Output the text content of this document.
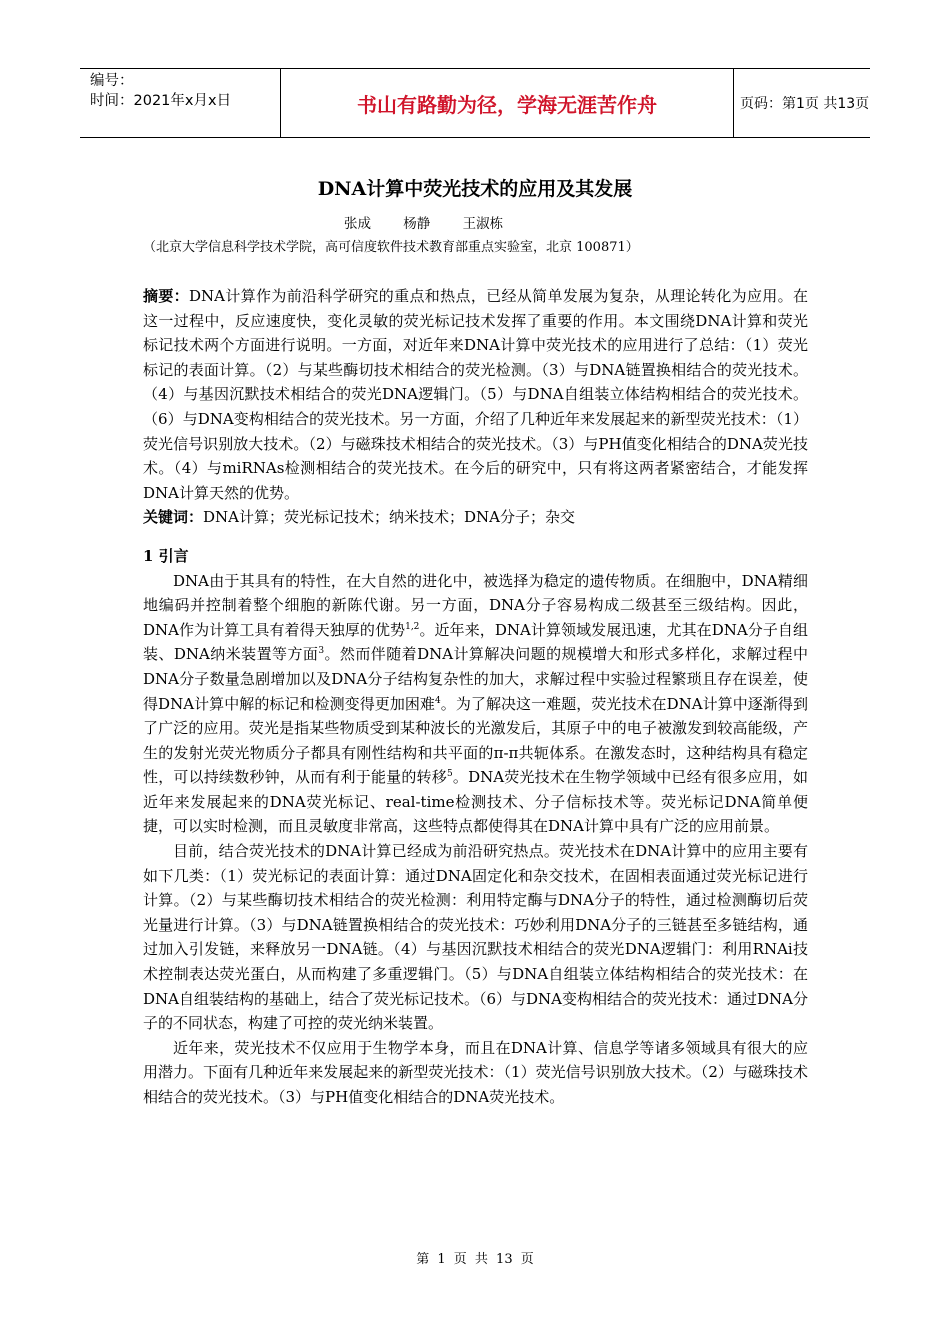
编号：
时间：2021年x月x日	书山有路勤为径，学海无涯苦作舟	页码：第1页 共13页
DNA计算中荧光技术的应用及其发展
张成 杨静 王淑栋
（北京大学信息科学技术学院，高可信度软件技术教育部重点实验室，北京 100871）

摘要：DNA计算作为前沿科学研究的重点和热点，已经从简单发展为复杂，从理论转化为应用。在这一过程中，反应速度快，变化灵敏的荧光标记技术发挥了重要的作用。本文围绕DNA计算和荧光标记技术两个方面进行说明。一方面，对近年来DNA计算中荧光技术的应用进行了总结：（1）荧光标记的表面计算。（2）与某些酶切技术相结合的荧光检测。（3）与DNA链置换相结合的荧光技术。（4）与基因沉默技术相结合的荧光DNA逻辑门。（5）与DNA自组装立体结构相结合的荧光技术。（6）与DNA变构相结合的荧光技术。另一方面，介绍了几种近年来发展起来的新型荧光技术：（1）荧光信号识别放大技术。（2）与磁珠技术相结合的荧光技术。（3）与PH值变化相结合的DNA荧光技术。（4）与miRNAs检测相结合的荧光技术。在今后的研究中，只有将这两者紧密结合，才能发挥DNA计算天然的优势。

关键词：DNA计算；荧光标记技术；纳米技术；DNA分子；杂交

1 引言

DNA由于其具有的特性，在大自然的进化中，被选择为稳定的遗传物质。在细胞中，DNA精细地编码并控制着整个细胞的新陈代谢。另一方面，DNA分子容易构成二级甚至三级结构。因此，DNA作为计算工具有着得天独厚的优势$^{1,2}$。近年来，DNA计算领域发展迅速，尤其在DNA分子自组装、DNA纳米装置等方面$^3$。然而伴随着DNA计算解决问题的规模增大和形式多样化，求解过程中DNA分子数量急剧增加以及DNA分子结构复杂性的加大，求解过程中实验过程繁琐且存在误差，使得DNA计算中解的标记和检测变得更加困难$^4$。为了解决这一难题，荧光技术在DNA计算中逐渐得到了广泛的应用。荧光是指某些物质受到某种波长的光激发后，其原子中的电子被激发到较高能级，产生的发射光荧光物质分子都具有刚性结构和共平面的π-π共轭体系。在激发态时，这种结构具有稳定性，可以持续数秒钟，从而有利于能量的转移$^5$。DNA荧光技术在生物学领域中已经有很多应用，如近年来发展起来的DNA荧光标记、real-time检测技术、分子信标技术等。荧光标记DNA简单便捷，可以实时检测，而且灵敏度非常高，这些特点都使得其在DNA计算中具有广泛的应用前景。

目前，结合荧光技术的DNA计算已经成为前沿研究热点。荧光技术在DNA计算中的应用主要有如下几类：（1）荧光标记的表面计算：通过DNA固定化和杂交技术，在固相表面通过荧光标记进行计算。（2）与某些酶切技术相结合的荧光检测：利用特定酶与DNA分子的特性，通过检测酶切后荧光量进行计算。（3）与DNA链置换相结合的荧光技术：巧妙利用DNA分子的三链甚至多链结构，通过加入引发链，来释放另一DNA链。（4）与基因沉默技术相结合的荧光DNA逻辑门：利用RNAi技术控制表达荧光蛋白，从而构建了多重逻辑门。（5）与DNA自组装立体结构相结合的荧光技术：在DNA自组装结构的基础上，结合了荧光标记技术。（6）与DNA变构相结合的荧光技术：通过DNA分子的不同状态，构建了可控的荧光纳米装置。

近年来，荧光技术不仅应用于生物学本身，而且在DNA计算、信息学等诸多领域具有很大的应用潜力。下面有几种近年来发展起来的新型荧光技术：（1）荧光信号识别放大技术。（2）与磁珠技术相结合的荧光技术。（3）与PH值变化相结合的DNA荧光技术。

第 1 页 共 13 页
